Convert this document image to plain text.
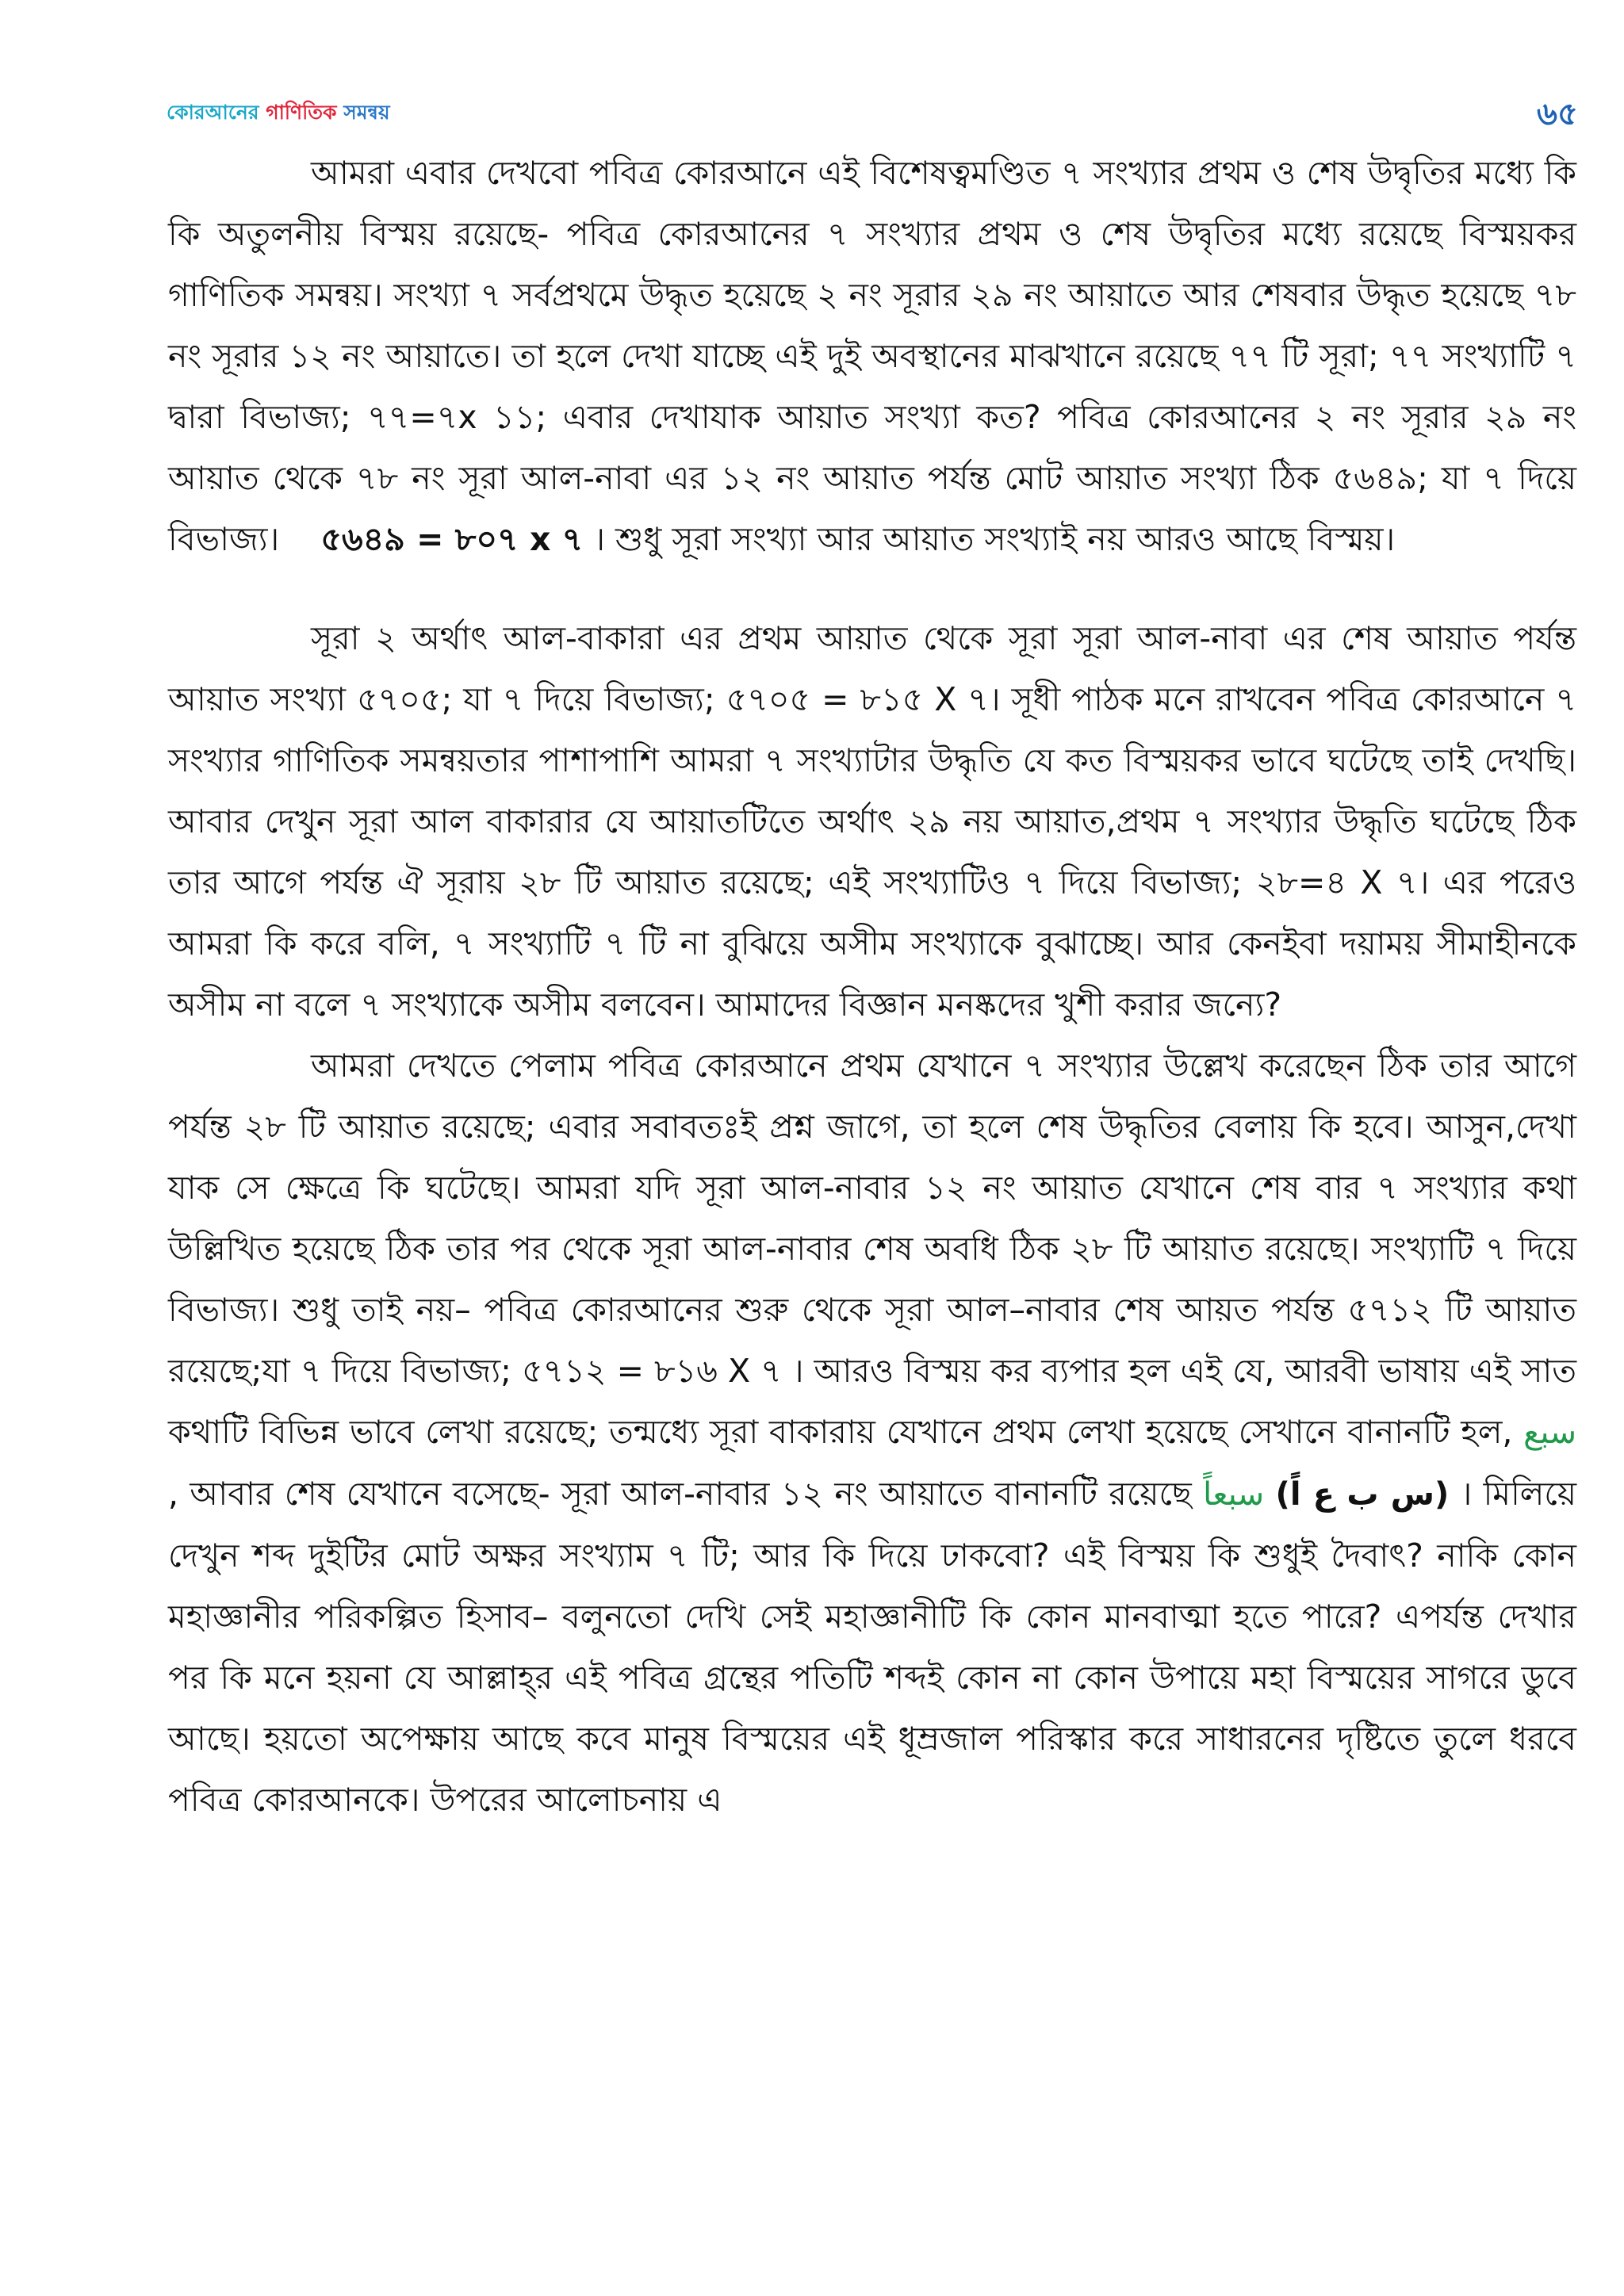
কোরআনের গাণিতিক সমন্বয়	৬৫

আমরা এবার দেখবো পবিত্র কোরআনে এই বিশেষত্বমণ্ডিত ৭ সংখ্যার প্রথম ও শেষ উদ্বৃতির মধ্যে কি কি অতুলনীয় বিস্ময় রয়েছে- পবিত্র কোরআনের ৭ সংখ্যার প্রথম ও শেষ উদ্বৃতির মধ্যে রয়েছে বিস্ময়কর গাণিতিক সমন্বয়। সংখ্যা ৭ সর্বপ্রথমে উদ্ধৃত হয়েছে ২ নং সূরার ২৯ নং আয়াতে আর শেষবার উদ্ধৃত হয়েছে ৭৮ নং সূরার ১২ নং আয়াতে। তা হলে দেখা যাচ্ছে এই দুই অবস্থানের মাঝখানে রয়েছে ৭৭ টি সূরা; ৭৭ সংখ্যাটি ৭ দ্বারা বিভাজ্য; ৭৭=৭x ১১; এবার দেখাযাক আয়াত সংখ্যা কত? পবিত্র কোরআনের ২ নং সূরার ২৯ নং আয়াত থেকে ৭৮ নং সূরা আল-নাবা এর ১২ নং আয়াত পর্যন্ত মোট আয়াত সংখ্যা ঠিক ৫৬৪৯; যা ৭ দিয়ে বিভাজ্য। ৫৬৪৯ = ৮০৭ x ৭ । শুধু সূরা সংখ্যা আর আয়াত সংখ্যাই নয় আরও আছে বিস্ময়।

সূরা ২ অর্থাৎ আল-বাকারা এর প্রথম আয়াত থেকে সূরা সূরা আল-নাবা এর শেষ আয়াত পর্যন্ত আয়াত সংখ্যা ৫৭০৫; যা ৭ দিয়ে বিভাজ্য; ৫৭০৫ = ৮১৫ X ৭। সূধী পাঠক মনে রাখবেন পবিত্র কোরআনে ৭ সংখ্যার গাণিতিক সমন্বয়তার পাশাপাশি আমরা ৭ সংখ্যাটার উদ্ধৃতি যে কত বিস্ময়কর ভাবে ঘটেছে তাই দেখছি। আবার দেখুন সূরা আল বাকারার যে আয়াতটিতে অর্থাৎ ২৯ নয় আয়াত,প্রথম ৭ সংখ্যার উদ্ধৃতি ঘটেছে ঠিক তার আগে পর্যন্ত ঐ সূরায় ২৮ টি আয়াত রয়েছে; এই সংখ্যাটিও ৭ দিয়ে বিভাজ্য; ২৮=৪ X ৭। এর পরেও আমরা কি করে বলি, ৭ সংখ্যাটি ৭ টি না বুঝিয়ে অসীম সংখ্যাকে বুঝাচ্ছে। আর কেনইবা দয়াময় সীমাহীনকে অসীম না বলে ৭ সংখ্যাকে অসীম বলবেন। আমাদের বিজ্ঞান মনষ্কদের খুশী করার জন্যে?

আমরা দেখতে পেলাম পবিত্র কোরআনে প্রথম যেখানে ৭ সংখ্যার উল্লেখ করেছেন ঠিক তার আগে পর্যন্ত ২৮ টি আয়াত রয়েছে; এবার সবাবতঃই প্রশ্ন জাগে, তা হলে শেষ উদ্ধৃতির বেলায় কি হবে। আসুন,দেখা যাক সে ক্ষেত্রে কি ঘটেছে। আমরা যদি সূরা আল-নাবার ১২ নং আয়াত যেখানে শেষ বার ৭ সংখ্যার কথা উল্লিখিত হয়েছে ঠিক তার পর থেকে সূরা আল-নাবার শেষ অবধি ঠিক ২৮ টি আয়াত রয়েছে। সংখ্যাটি ৭ দিয়ে বিভাজ্য। শুধু তাই নয়– পবিত্র কোরআনের শুরু থেকে সূরা আল–নাবার শেষ আয়ত পর্যন্ত ৫৭১২ টি আয়াত রয়েছে;যা ৭ দিয়ে বিভাজ্য; ৫৭১২ = ৮১৬ X ৭ । আরও বিস্ময় কর ব্যপার হল এই যে, আরবী ভাষায় এই সাত কথাটি বিভিন্ন ভাবে লেখা রয়েছে; তন্মধ্যে সূরা বাকারায় যেখানে প্রথম লেখা হয়েছে সেখানে বানানটি হল, سبع , আবার শেষ যেখানে বসেছে- সূরা আল-নাবার ১২ নং আয়াতে বানানটি রয়েছে سبعاً (س ب ع اً) । মিলিয়ে দেখুন শব্দ দুইটির মোট অক্ষর সংখ্যাম ৭ টি; আর কি দিয়ে ঢাকবো? এই বিস্ময় কি শুধুই দৈবাৎ? নাকি কোন মহাজ্ঞানীর পরিকল্পিত হিসাব– বলুনতো দেখি সেই মহাজ্ঞানীটি কি কোন মানবাত্মা হতে পারে? এপর্যন্ত দেখার পর কি মনে হয়না যে আল্লাহ্‌র এই পবিত্র গ্রন্থের পতিটি শব্দই কোন না কোন উপায়ে মহা বিস্ময়ের সাগরে ডুবে আছে। হয়তো অপেক্ষায় আছে কবে মানুষ বিস্ময়ের এই ধূম্রজাল পরিস্কার করে সাধারনের দৃষ্টিতে তুলে ধরবে পবিত্র কোরআনকে। উপরের আলোচনায় এ
